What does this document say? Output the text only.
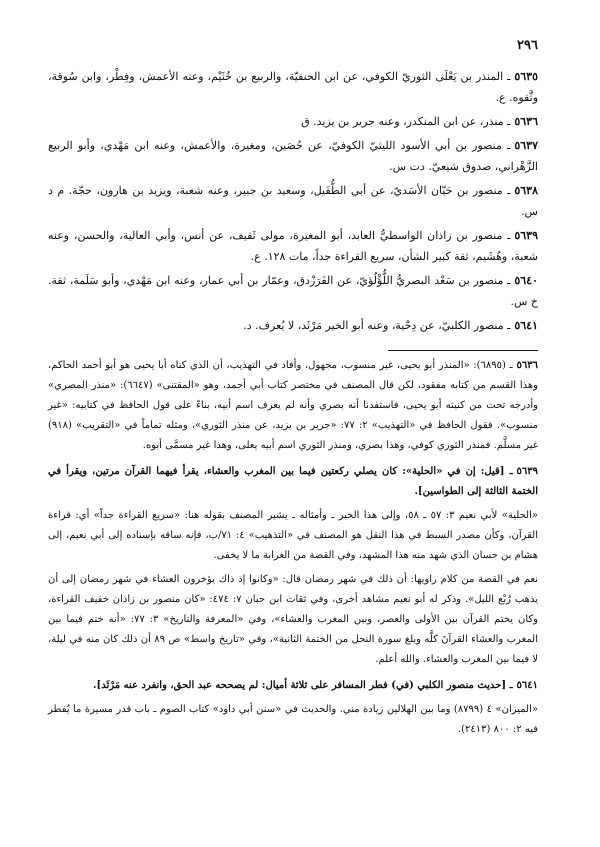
٢٩٦
٥٦٣٥ـ المنذر بن يَعْلَى الثوريّ الكوفي، عن ابن الحنفيّة، والربيع بن خُثَيْم، وعنه الأعمش، وفِطْر، وابن سُوقة، وثَّقوه. ع.
٥٦٣٦ـ منذر، عن ابن المنكدر، وعنه جرير بن يزيد. ق
٥٦٣٧ـ منصور بن أبي الأسود الليثيّ الكوفيّ، عن حُصَين، ومغيرة، والأعمش، وعنه ابن مَهْدي، وأبو الربيع الزَّهْراني، صدوق شيعيّ. دت س.
٥٦٣٨ـ منصور بن حَيّان الأسَديّ، عن أبي الطُّفَيل، وسعيد بن جبير، وعنه شعبة، ويزيد بن هارون، حجّة. م د س.
٥٦٣٩ـ منصور بن زاذان الواسطيُّ العابد، أبو المغيرة، مولى ثَقيف، عن أنس، وأبي العالية، والحسن، وعنه شعبة، وهُشَيم، ثقة كبير الشأن، سريع القراءة جداً، مات ١٢٨. ع.
٥٦٤٠ـ منصور بن سَعْد البصريُّ اللُّؤْلُؤيّ، عن الفَرَزْدق، وعمّار بن أبي عمار، وعنه ابن مَهْدي، وأبو سَلَمة، ثقة. خ س.
٥٦٤١ـ منصور الكلبيّ، عن دِحْية، وعنه أبو الخير مَرْثَد، لا يُعرف. د.

٥٦٣٦ـ (٦٨٩٥): «المنذر أبو يحيى، غير منسوب، مجهول، وأفاد في التهذيب، أن الذي كناه أبا يحيى هو أبو أحمد الحاكم، وهذا القسم من كتابه مفقود، لكن قال المصنف في مختصر كتاب أبي أحمد، وهو «المقتنى» (٦٦٤٧): «منذر المصري» وأدرجه تحت من كنيته أبو يحيى، فاستفدنا أنه بصري وأنه لم يعرف اسم أبيه، بناءً على قول الحافظ في كتابيه: «غير منسوب». فقول الحافظ في «التهذيب» ٢: ٧٧: «جرير بن يزيد، عن منذر الثوري»، ومثله تماماً في «التقريب» (٩١٨) غير مسلَّم. فمنذر الثوري كوفي، وهذا بصري، ومنذر الثوري اسم أبيه يعلى، وهذا غير مسمَّى أبوه.

٥٦٣٩ـ [قيل: إن في «الحلية»: كان يصلي ركعتين فيما بين المغرب والعشاء، يقرأ فيهما القرآن مرتين، ويقرأ في الختمة الثالثة إلى الطواسين].

«الحلية» لأبي نعيم ٣: ٥٧ ـ ٥٨، وإلى هذا الخبر ـ وأمثاله ـ يشير المصنف بقوله هنا: «سريع القراءة جداً» أي: قراءة القرآن، وكأن مصدر السبط في هذا النقل هو المصنف في «التذهيب» ٤: ٧١/ب، فإنه ساقه بإسناده إلى أبي نعيم، إلى هشام بن حسان الذي شهد منه هذا المشهد، وفي القصة من الغرابة ما لا يخفى.

نعم في القصة من كلام راويها: أن ذلك في شهر رمضان قال: «وكانوا إذ ذاك يؤخرون العشاء في شهر رمضان إلى أن يذهب رُبْع الليل». وذكر له أبو نعيم مشاهد أخرى، وفي ثقات ابن حبان ٧: ٤٧٤: «كان منصور بن زاذان خفيف القراءة، وكان يختم القرآن بين الأولى والعصر، وبين المغرب والعشاء»، وفي «المعرفة والتاريخ» ٣: ٧٧: «أنه ختم فيما بين المغرب والعشاء القرآنَ كلَّه وبلغ سورة النحل من الختمة الثانية»، وفي «تاريخ واسط» ص ٨٩ أن ذلك كان منه في ليلة، لا فيما بين المغرب والعشاء. والله أعلم.

٥٦٤١ـ [حديث منصور الكلبي (في) فطر المسافر على ثلاثة أميال: لم يصححه عبد الحق، وانفرد عنه مَرْثَد].

«الميزان» ٤ (٨٧٩٩) وما بين الهلالين زيادة مني. والحديث في «سنن أبي داود» كتاب الصوم ـ باب قدر مسيرة ما يُفطر فيه ٢: ٨٠٠ (٢٤١٣).
